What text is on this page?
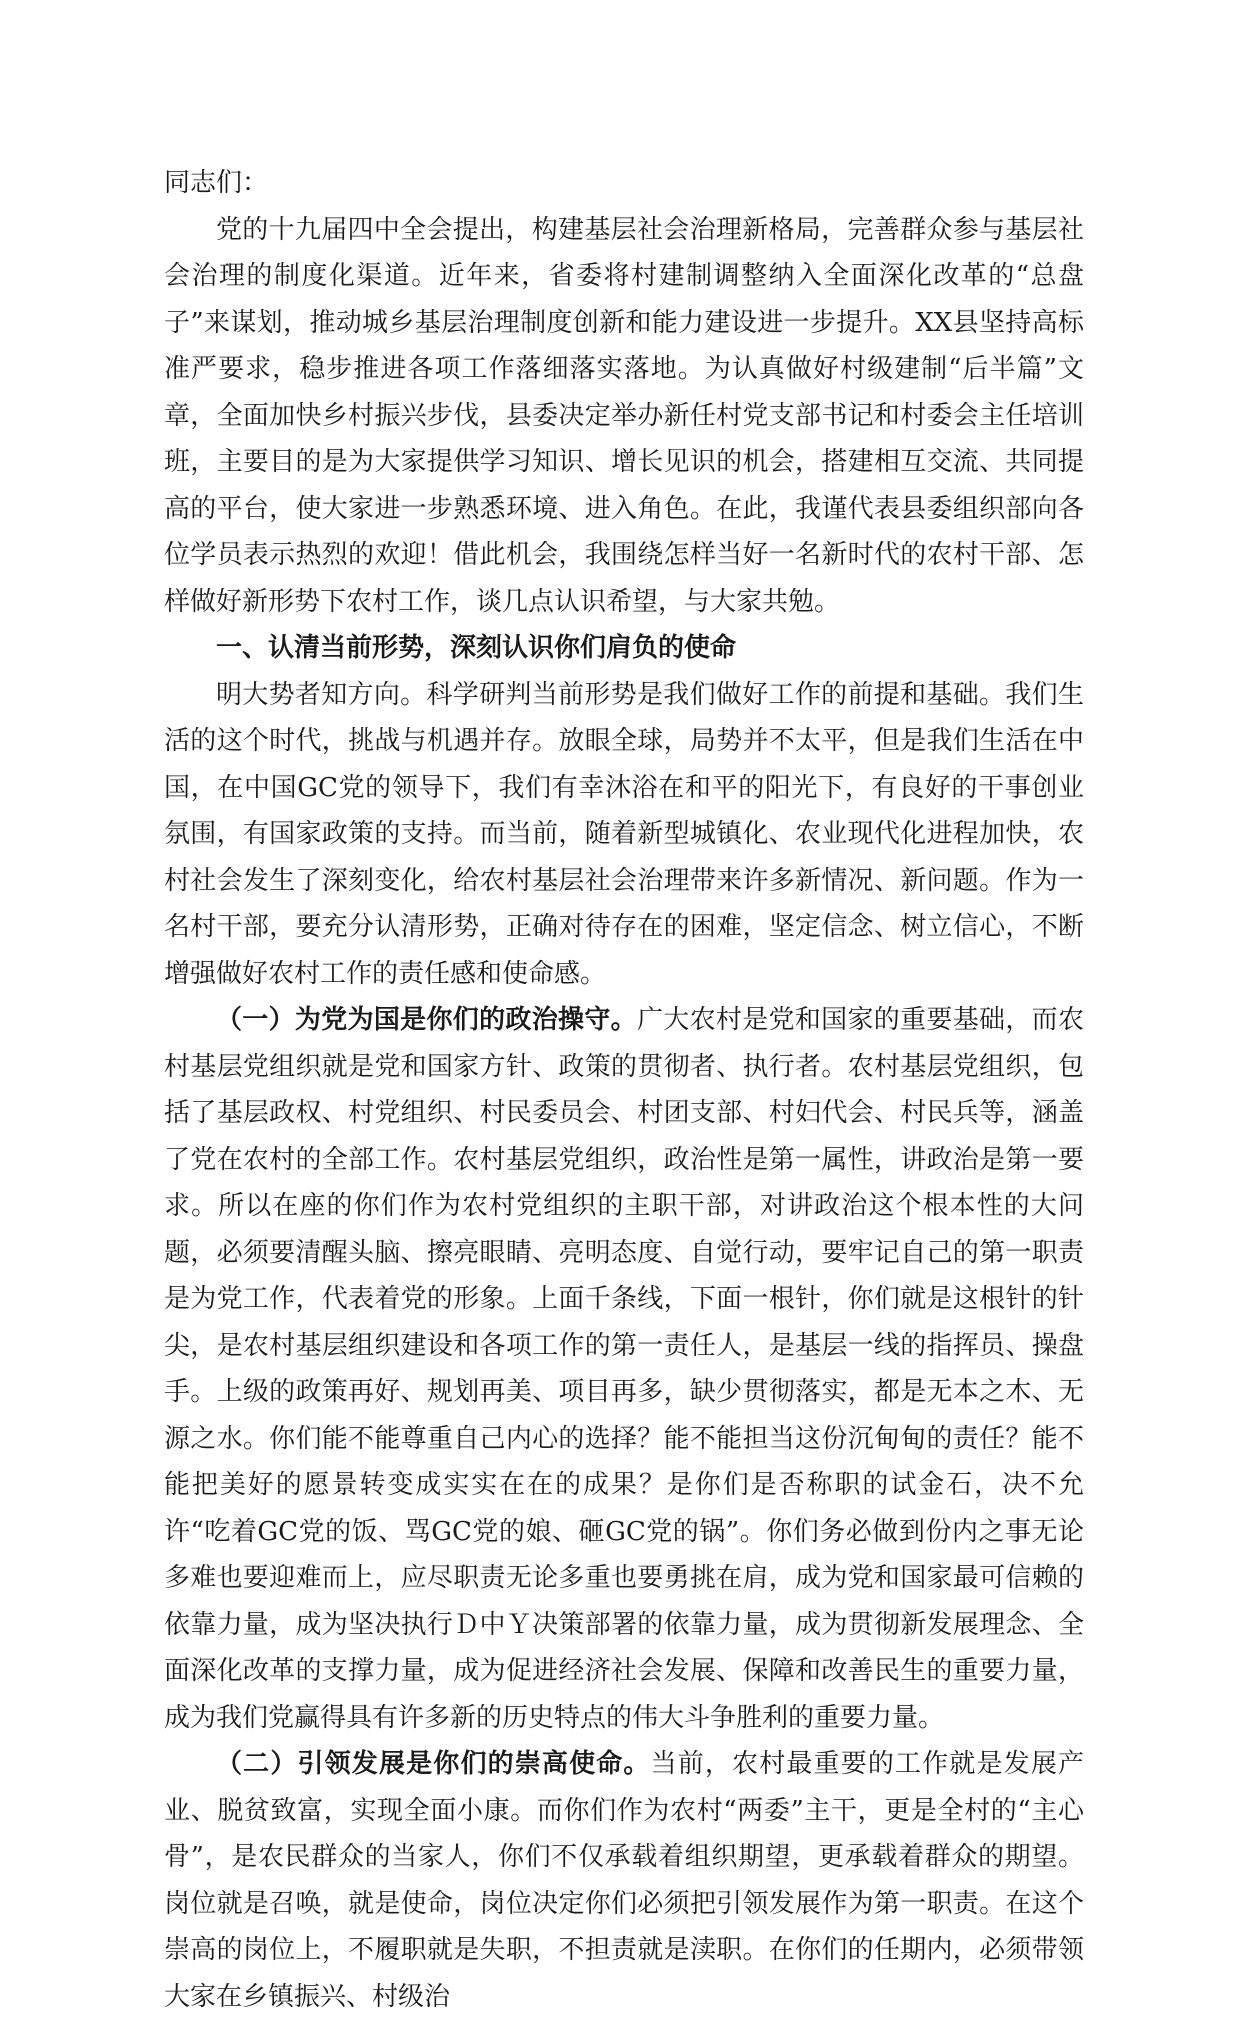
同志们：

党的十九届四中全会提出，构建基层社会治理新格局，完善群众参与基层社会治理的制度化渠道。近年来，省委将村建制调整纳入全面深化改革的“总盘子”来谋划，推动城乡基层治理制度创新和能力建设进一步提升。XX县坚持高标准严要求，稳步推进各项工作落细落实落地。为认真做好村级建制“后半篇”文章，全面加快乡村振兴步伐，县委决定举办新任村党支部书记和村委会主任培训班，主要目的是为大家提供学习知识、增长见识的机会，搭建相互交流、共同提高的平台，使大家进一步熟悉环境、进入角色。在此，我谨代表县委组织部向各位学员表示热烈的欢迎！借此机会，我围绕怎样当好一名新时代的农村干部、怎样做好新形势下农村工作，谈几点认识希望，与大家共勉。

一、认清当前形势，深刻认识你们肩负的使命

明大势者知方向。科学研判当前形势是我们做好工作的前提和基础。我们生活的这个时代，挑战与机遇并存。放眼全球，局势并不太平，但是我们生活在中国，在中国GC党的领导下，我们有幸沐浴在和平的阳光下，有良好的干事创业氛围，有国家政策的支持。而当前，随着新型城镇化、农业现代化进程加快，农村社会发生了深刻变化，给农村基层社会治理带来许多新情况、新问题。作为一名村干部，要充分认清形势，正确对待存在的困难，坚定信念、树立信心，不断增强做好农村工作的责任感和使命感。

（一）为党为国是你们的政治操守。广大农村是党和国家的重要基础，而农村基层党组织就是党和国家方针、政策的贯彻者、执行者。农村基层党组织，包括了基层政权、村党组织、村民委员会、村团支部、村妇代会、村民兵等，涵盖了党在农村的全部工作。农村基层党组织，政治性是第一属性，讲政治是第一要求。所以在座的你们作为农村党组织的主职干部，对讲政治这个根本性的大问题，必须要清醒头脑、擦亮眼睛、亮明态度、自觉行动，要牢记自己的第一职责是为党工作，代表着党的形象。上面千条线，下面一根针，你们就是这根针的针尖，是农村基层组织建设和各项工作的第一责任人，是基层一线的指挥员、操盘手。上级的政策再好、规划再美、项目再多，缺少贯彻落实，都是无本之木、无源之水。你们能不能尊重自己内心的选择？能不能担当这份沉甸甸的责任？能不能把美好的愿景转变成实实在在的成果？是你们是否称职的试金石，决不允许“吃着GC党的饭、骂GC党的娘、砸GC党的锅”。你们务必做到份内之事无论多难也要迎难而上，应尽职责无论多重也要勇挑在肩，成为党和国家最可信赖的依靠力量，成为坚决执行Ｄ中Ｙ决策部署的依靠力量，成为贯彻新发展理念、全面深化改革的支撑力量，成为促进经济社会发展、保障和改善民生的重要力量，成为我们党赢得具有许多新的历史特点的伟大斗争胜利的重要力量。

（二）引领发展是你们的崇高使命。当前，农村最重要的工作就是发展产业、脱贫致富，实现全面小康。而你们作为农村“两委”主干，更是全村的“主心骨”，是农民群众的当家人，你们不仅承载着组织期望，更承载着群众的期望。岗位就是召唤，就是使命，岗位决定你们必须把引领发展作为第一职责。在这个崇高的岗位上，不履职就是失职，不担责就是渎职。在你们的任期内，必须带领大家在乡镇振兴、村级治
